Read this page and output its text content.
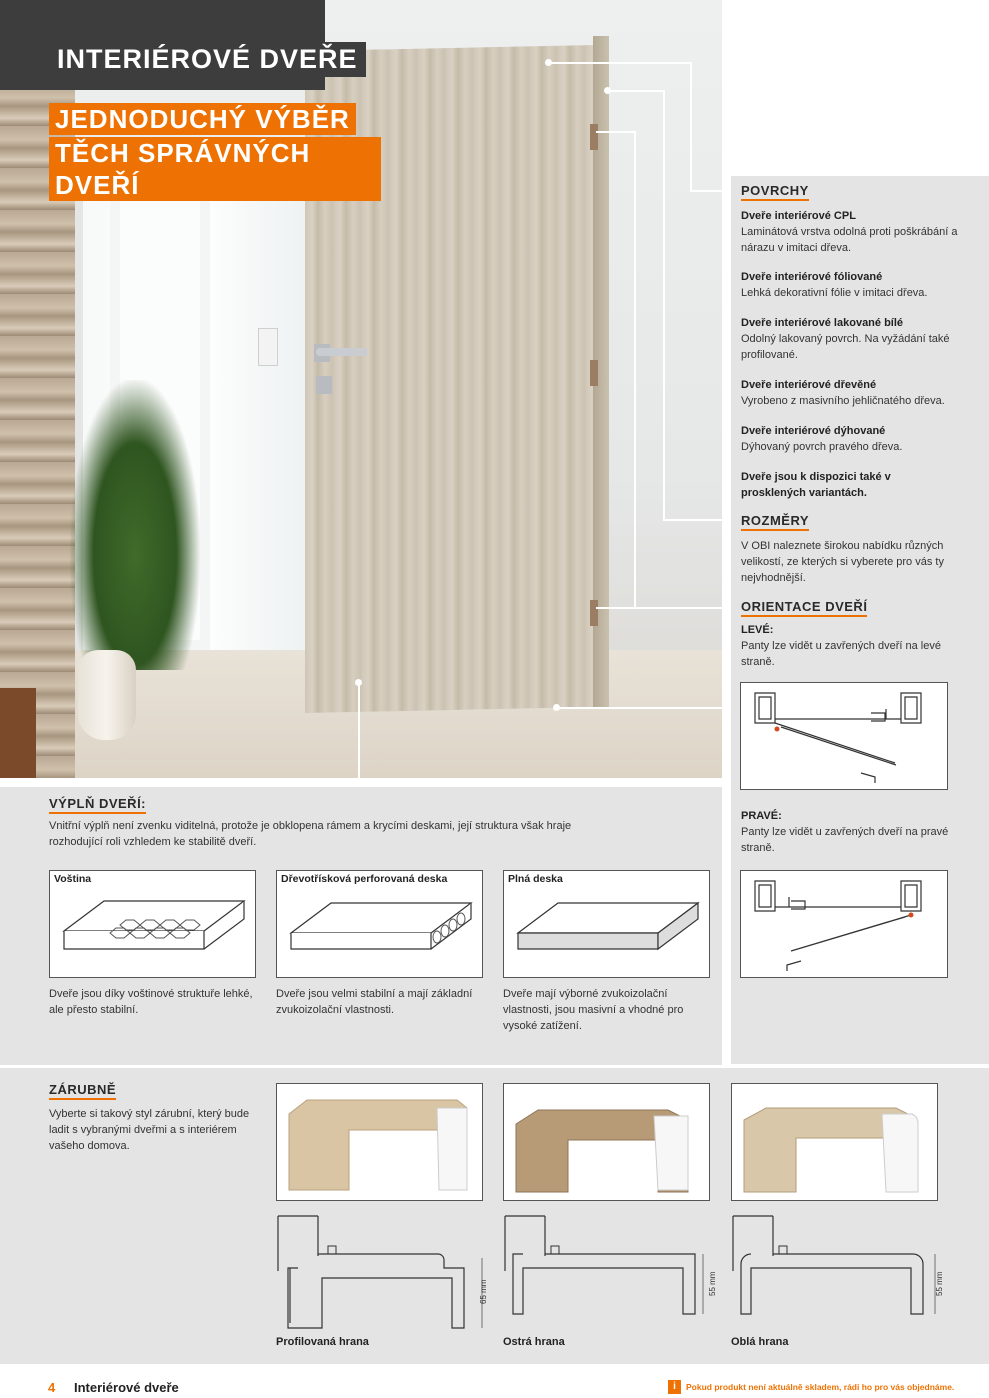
INTERIÉROVÉ DVEŘE
JEDNODUCHÝ VÝBĚR
TĚCH SPRÁVNÝCH DVEŘÍ	POVRCHY
Dveře interiérové CPL
Laminátová vrstva odolná proti poškrábání a nárazu v imitaci dřeva.
Dveře interiérové fóliované
Lehká dekorativní fólie v imitaci dřeva.
Dveře interiérové lakované bílé
Odolný lakovaný povrch. Na vyžádání také profilované.
Dveře interiérové dřevěné
Vyrobeno z masivního jehličnatého dřeva.
Dveře interiérové dýhované
Dýhovaný povrch pravého dřeva.
Dveře jsou k dispozici také v prosklených variantách.
ROZMĚRY
V OBI naleznete širokou nabídku různých velikostí, ze kterých si vyberete pro vás ty nejvhodnější.
ORIENTACE DVEŘÍ
LEVÉ:
Panty lze vidět u zavřených dveří na levé straně.
PRAVÉ:
Panty lze vidět u zavřených dveří na pravé straně.
VÝPLŇ DVEŘÍ:
Vnitřní výplň není zvenku viditelná, protože je obklopena rámem a krycími deskami, její struktura však hraje rozhodující roli vzhledem ke stabilitě dveří.
Voština	Dřevotřísková perforovaná deska	Plná deska
Dveře jsou díky voštinové struktuře lehké, ale přesto stabilní.
Dveře jsou velmi stabilní a mají základní zvukoizolační vlastnosti.
Dveře mají výborné zvukoizolační vlastnosti, jsou masivní a vhodné pro vysoké zatížení.
ZÁRUBNĚ
Vyberte si takový styl zárubní, který bude ladit s vybranými dveřmi a s interiérem vašeho domova.
65 mm	55 mm	55 mm
Profilovaná hrana	Ostrá hrana	Oblá hrana
4 Interiérové dveře	i	Pokud produkt není aktuálně skladem, rádi ho pro vás objednáme.
